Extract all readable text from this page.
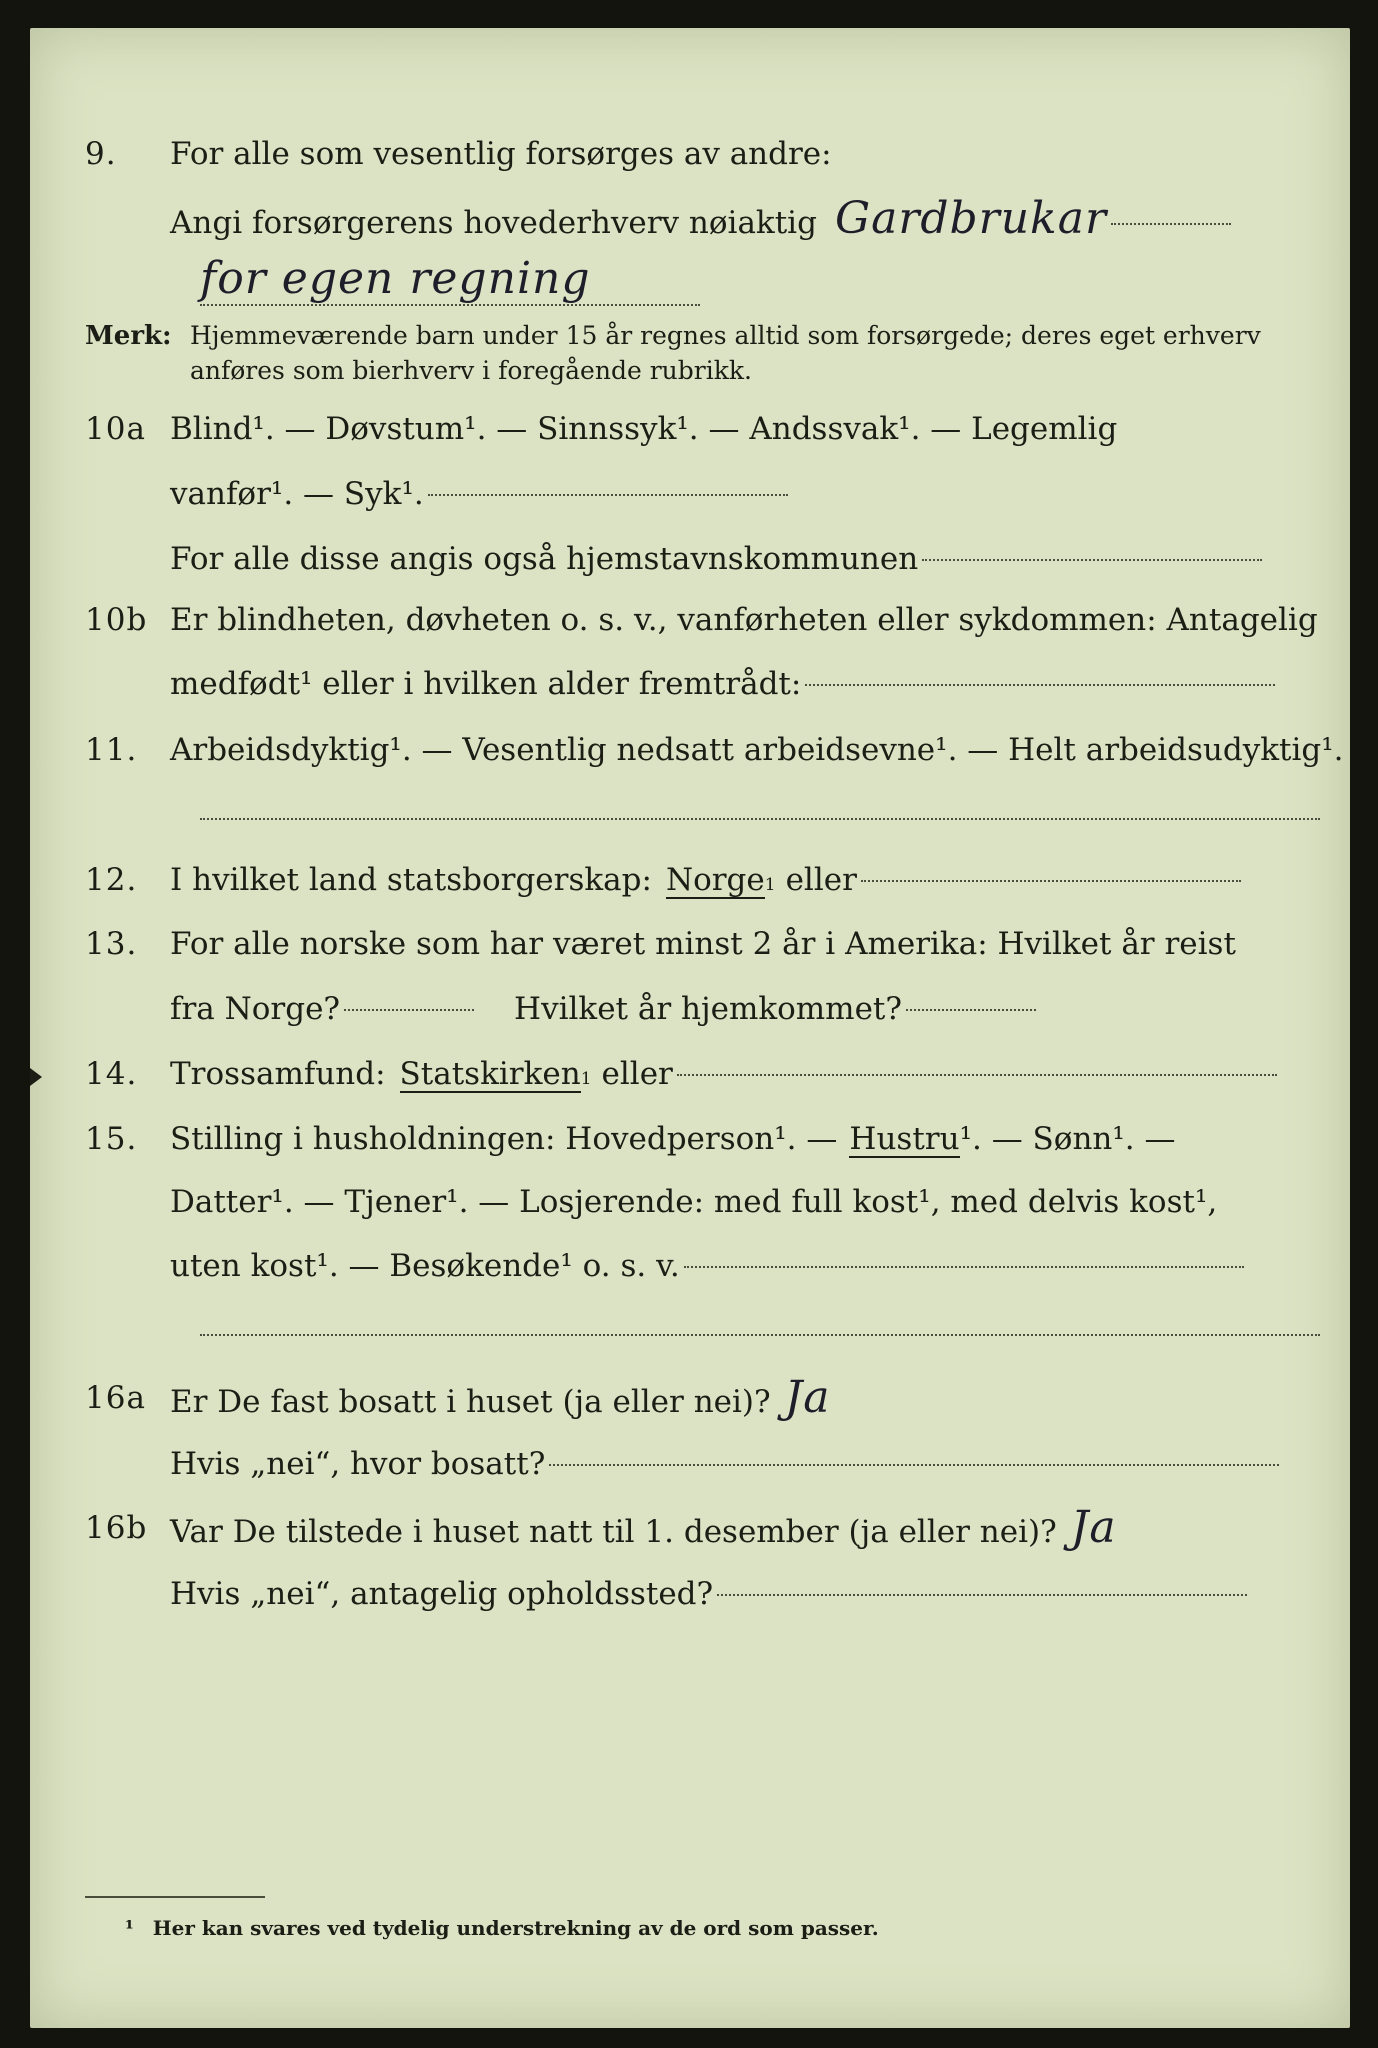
9. For alle som vesentlig forsørges av andre:
Angi forsørgerens hovederhverv nøiaktig Gardbrukar
for egen regning
Merk: Hjemmeværende barn under 15 år regnes alltid som forsørgede; deres eget erhverv
anføres som bierhverv i foregående rubrikk.
10a Blind¹. — Døvstum¹. — Sinnssyk¹. — Andssvak¹. — Legemlig
vanfør¹. — Syk¹.
For alle disse angis også hjemstavnskommunen
10b Er blindheten, døvheten o. s. v., vanførheten eller sykdommen: Antagelig
medfødt¹ eller i hvilken alder fremtrådt:
11. Arbeidsdyktig¹. — Vesentlig nedsatt arbeidsevne¹. — Helt arbeidsudyktig¹.
12. I hvilket land statsborgerskap: Norge 1 eller
13. For alle norske som har været minst 2 år i Amerika: Hvilket år reist
fra Norge?	Hvilket år hjemkommet?
14. Trossamfund: Statskirken 1 eller
15. Stilling i husholdningen: Hovedperson¹. — Hustru ¹. — Sønn¹. —
Datter¹. — Tjener¹. — Losjerende: med full kost¹, med delvis kost¹,
uten kost¹. — Besøkende¹ o. s. v.
16a Er De fast bosatt i huset (ja eller nei)? Ja
Hvis „nei“, hvor bosatt?
16b Var De tilstede i huset natt til 1. desember (ja eller nei)? Ja
Hvis „nei“, antagelig opholdssted?
¹ Her kan svares ved tydelig understrekning av de ord som passer.
